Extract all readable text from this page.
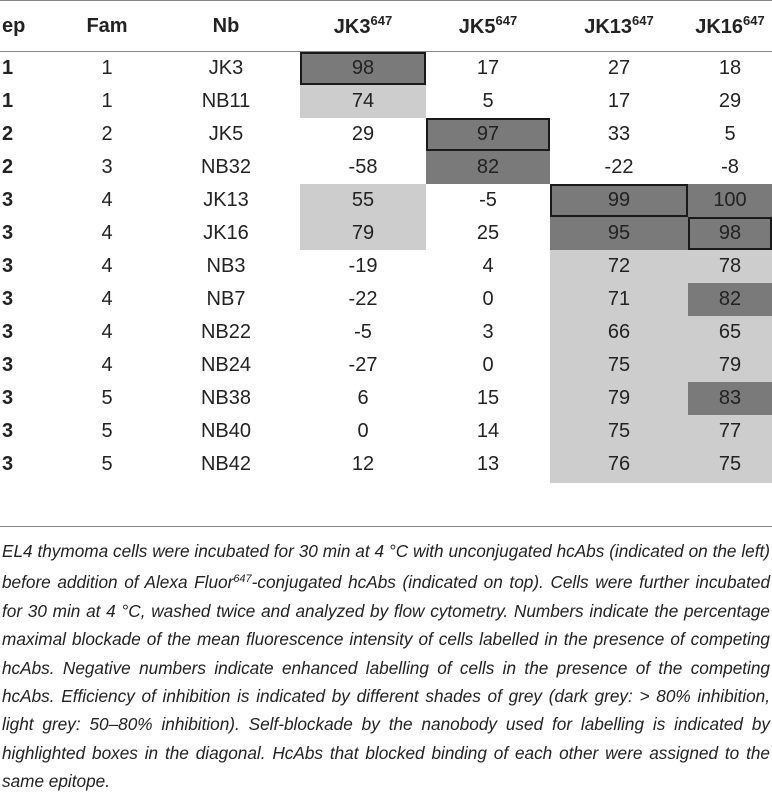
ep	Fam	Nb	$JK3^{647}$	$JK5^{647}$	$JK13^{647}$	$JK16^{647}$
1	1	JK3	98	17	27	18
1	1	NB11	74	5	17	29
2	2	JK5	29	97	33	5
2	3	NB32	-58	82	-22	-8
3	4	JK13	55	-5	99	100
3	4	JK16	79	25	95	98
3	4	NB3	-19	4	72	78
3	4	NB7	-22	0	71	82
3	4	NB22	-5	3	66	65
3	4	NB24	-27	0	75	79
3	5	NB38	6	15	79	83
3	5	NB40	0	14	75	77
3	5	NB42	12	13	76	75
EL4 thymoma cells were incubated for 30 min at 4 °C with unconjugated hcAbs (indicated on the left) before addition of Alexa Fluor$^{647}$-conjugated hcAbs (indicated on top). Cells were further incubated for 30 min at 4 °C, washed twice and analyzed by flow cytometry. Numbers indicate the percentage maximal blockade of the mean fluorescence intensity of cells labelled in the presence of competing hcAbs. Negative numbers indicate enhanced labelling of cells in the presence of the competing hcAbs. Efficiency of inhibition is indicated by different shades of grey (dark grey: > 80% inhibition, light grey: 50–80% inhibition). Self-blockade by the nanobody used for labelling is indicated by highlighted boxes in the diagonal. HcAbs that blocked binding of each other were assigned to the same epitope.
